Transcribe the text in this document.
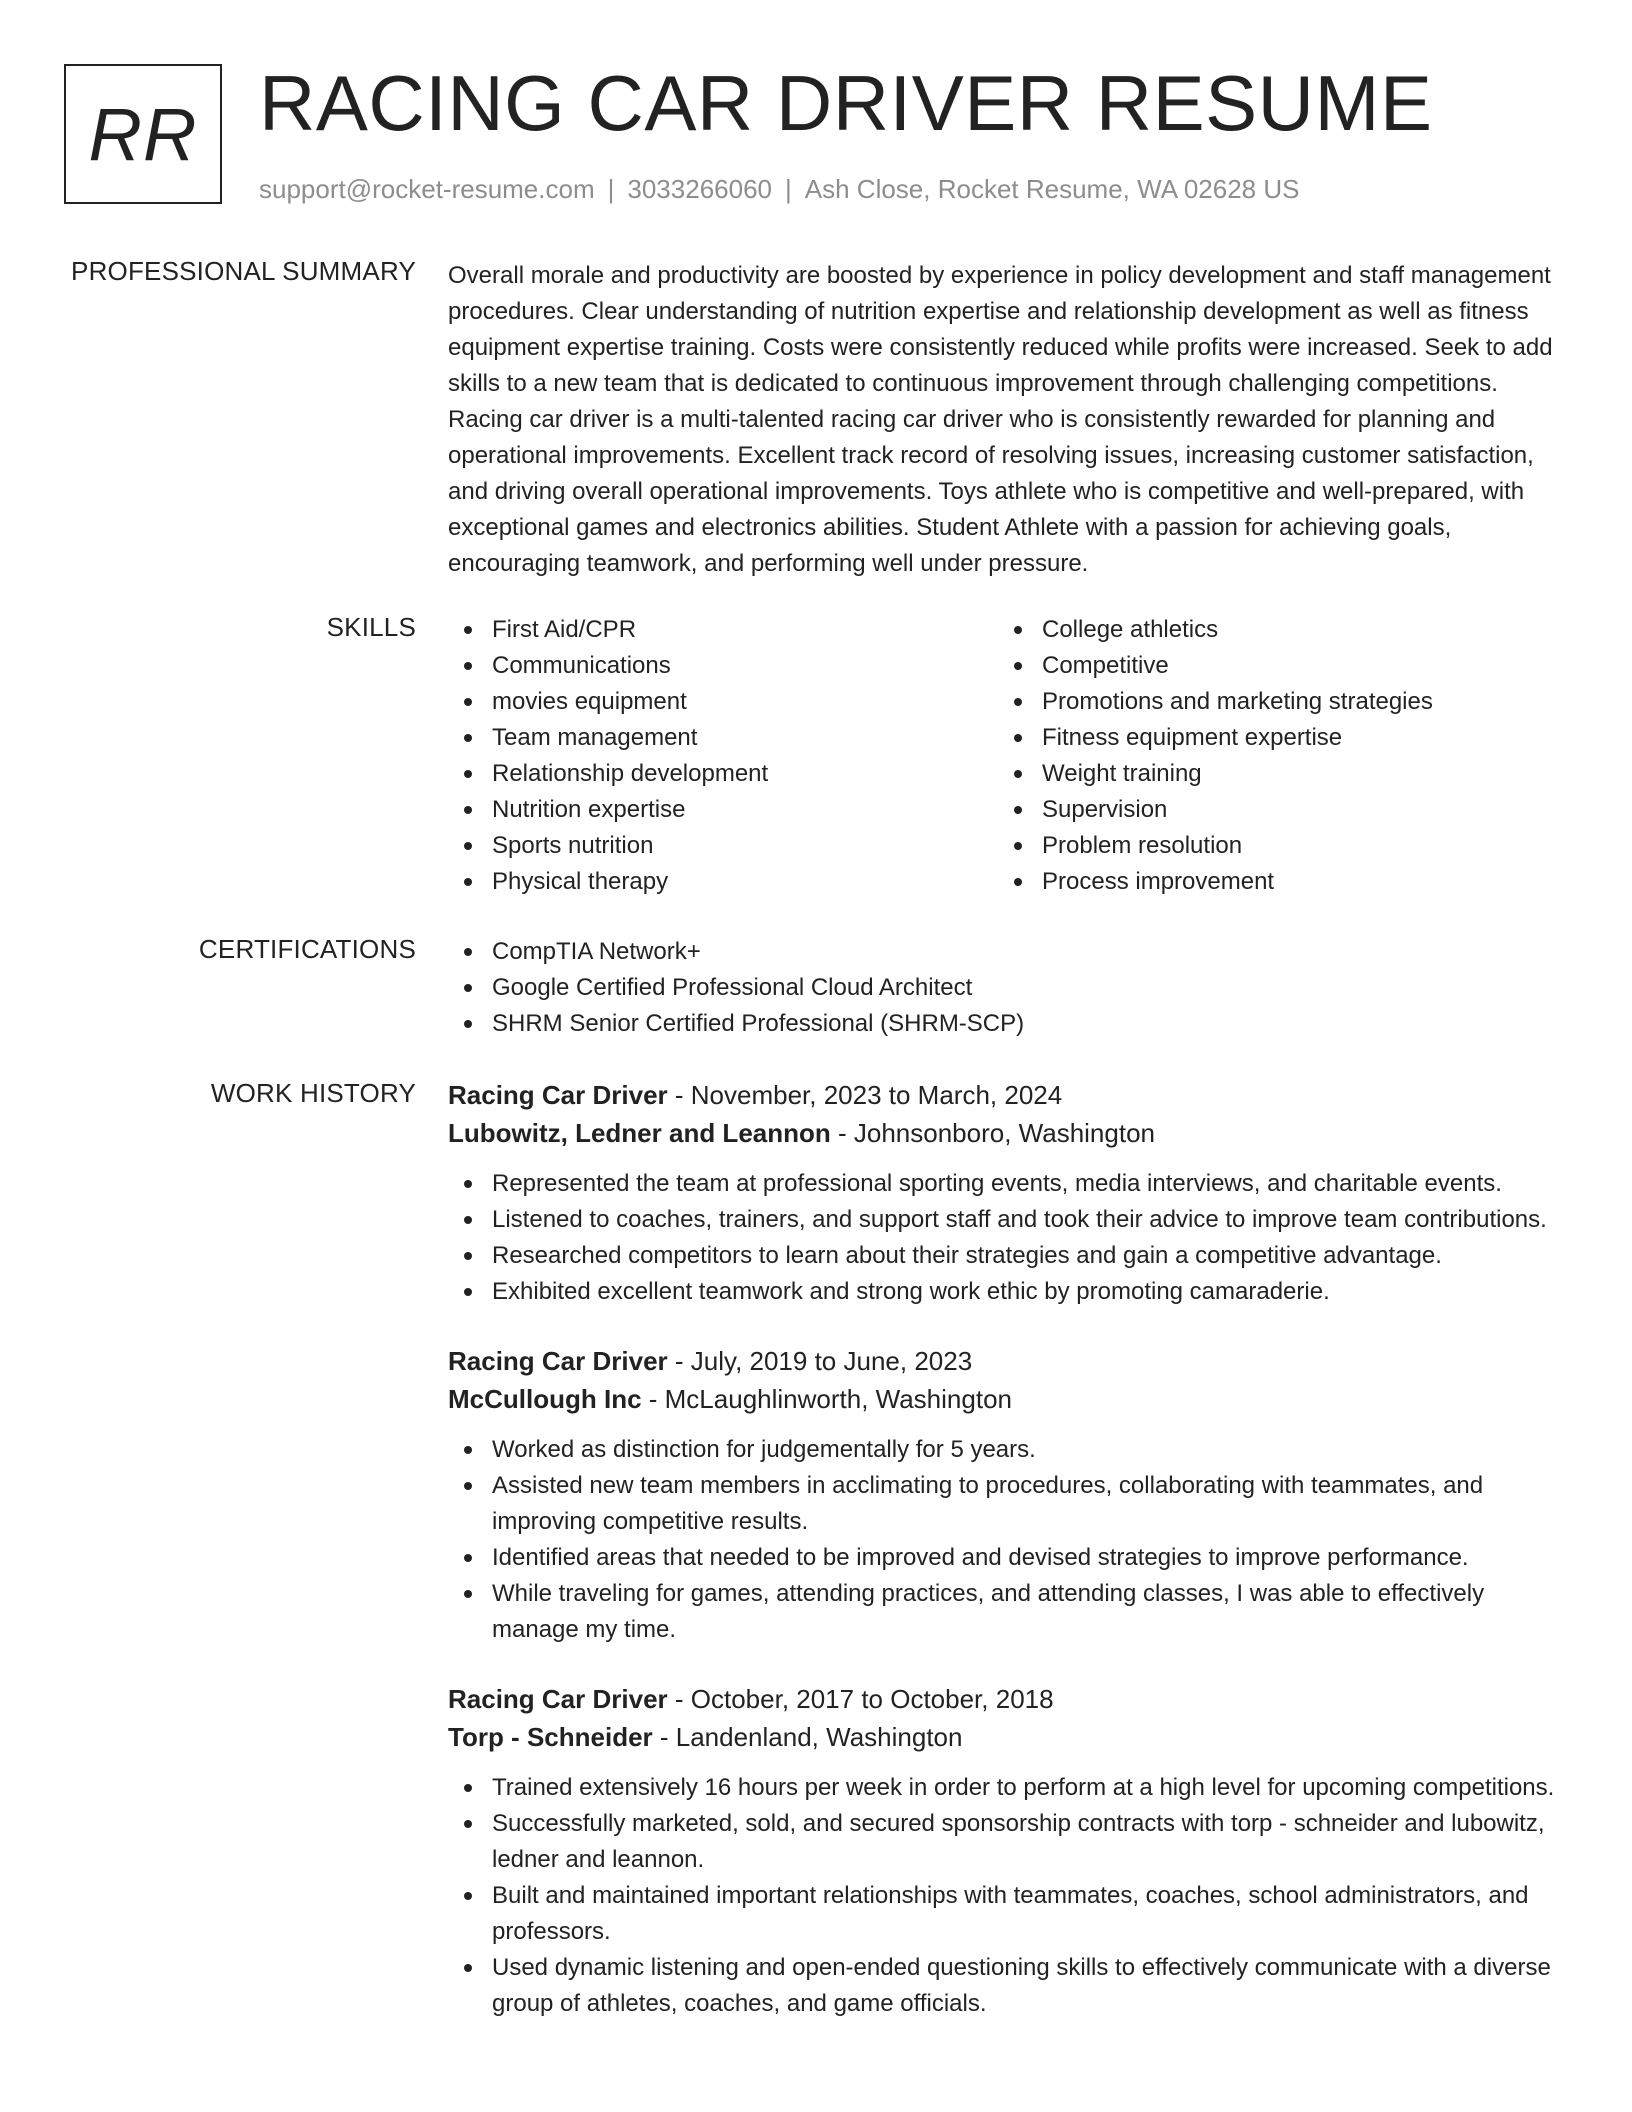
RR RACING CAR DRIVER RESUME
support@rocket-resume.com | 3033266060 | Ash Close, Rocket Resume, WA 02628 US
PROFESSIONAL SUMMARY Overall morale and productivity are boosted by experience in policy development and staff management procedures. Clear understanding of nutrition expertise and relationship development as well as fitness equipment expertise training. Costs were consistently reduced while profits were increased. Seek to add skills to a new team that is dedicated to continuous improvement through challenging competitions. Racing car driver is a multi-talented racing car driver who is consistently rewarded for planning and operational improvements. Excellent track record of resolving issues, increasing customer satisfaction, and driving overall operational improvements. Toys athlete who is competitive and well-prepared, with exceptional games and electronics abilities. Student Athlete with a passion for achieving goals, encouraging teamwork, and performing well under pressure.

SKILLS	First Aid/CPR
Communications
movies equipment
Team management
Relationship development
Nutrition expertise
Sports nutrition
Physical therapy
College athletics
Competitive
Promotions and marketing strategies
Fitness equipment expertise
Weight training
Supervision
Problem resolution
Process improvement
CERTIFICATIONS	CompTIA Network+
Google Certified Professional Cloud Architect
SHRM Senior Certified Professional (SHRM-SCP)
WORK HISTORY Racing Car Driver - November, 2023 to March, 2024
Lubowitz, Ledner and Leannon - Johnsonboro, Washington
Represented the team at professional sporting events, media interviews, and charitable events.
Listened to coaches, trainers, and support staff and took their advice to improve team contributions.
Researched competitors to learn about their strategies and gain a competitive advantage.
Exhibited excellent teamwork and strong work ethic by promoting camaraderie.
Racing Car Driver - July, 2019 to June, 2023
McCullough Inc - McLaughlinworth, Washington
Worked as distinction for judgementally for 5 years.
Assisted new team members in acclimating to procedures, collaborating with teammates, and improving competitive results.
Identified areas that needed to be improved and devised strategies to improve performance.
While traveling for games, attending practices, and attending classes, I was able to effectively manage my time.
Racing Car Driver - October, 2017 to October, 2018
Torp - Schneider - Landenland, Washington
Trained extensively 16 hours per week in order to perform at a high level for upcoming competitions.
Successfully marketed, sold, and secured sponsorship contracts with torp - schneider and lubowitz, ledner and leannon.
Built and maintained important relationships with teammates, coaches, school administrators, and professors.
Used dynamic listening and open-ended questioning skills to effectively communicate with a diverse group of athletes, coaches, and game officials.
